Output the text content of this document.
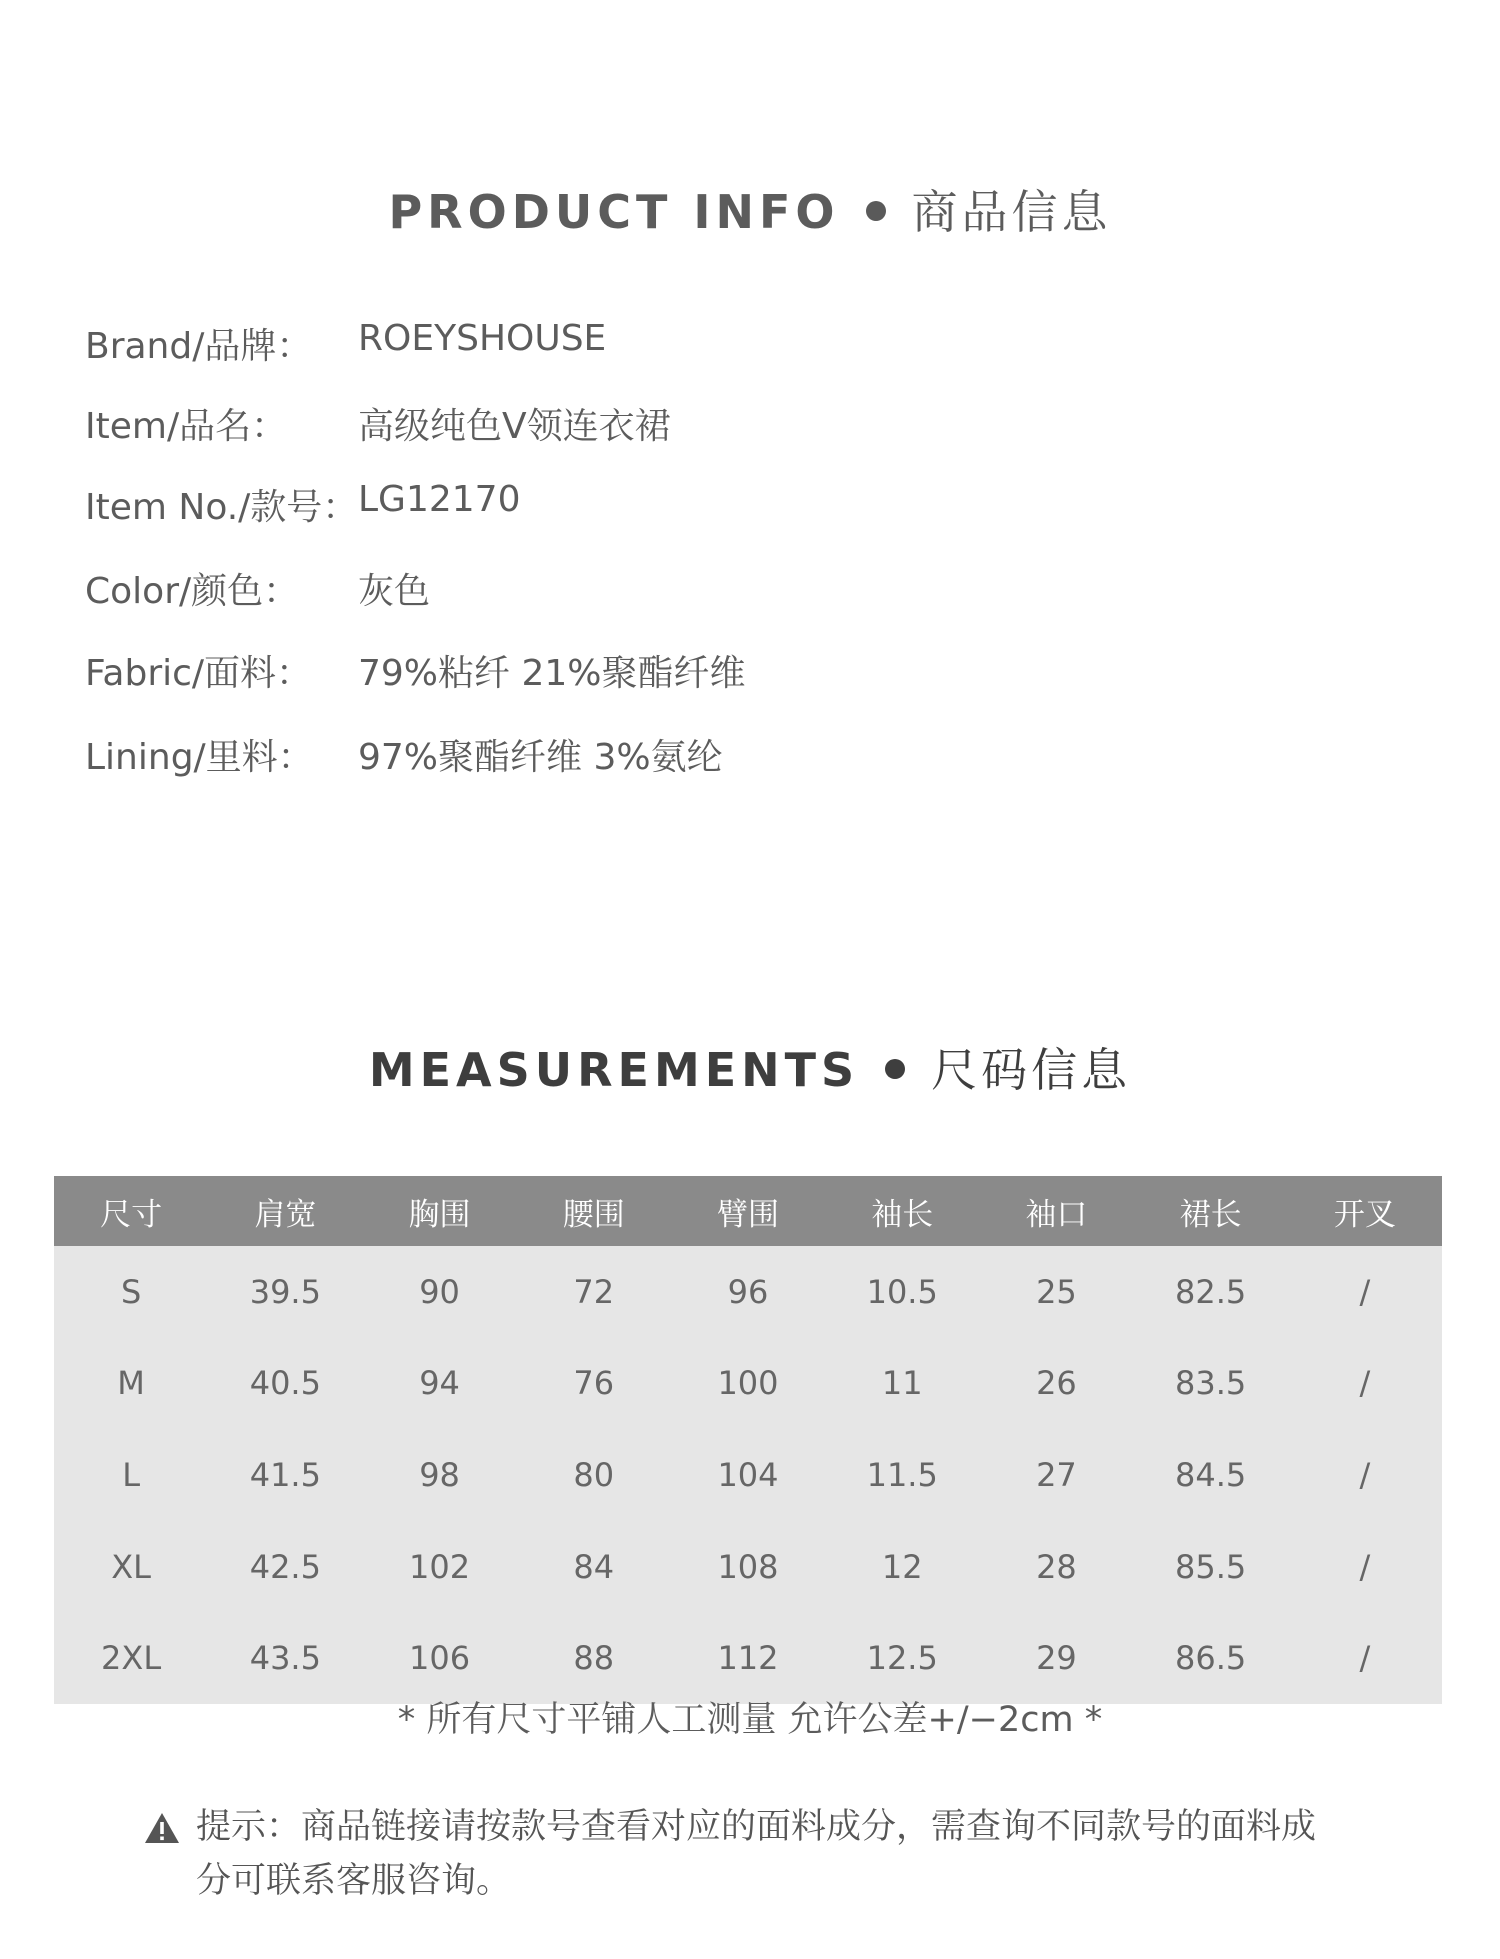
PRODUCT INFO 商品信息
Brand/品牌： ROEYSHOUSE
Item/品名： 高级纯色V领连衣裙
Item No./款号： LG12170
Color/颜色： 灰色
Fabric/面料： 79%粘纤 21%聚酯纤维
Lining/里料： 97%聚酯纤维 3%氨纶
MEASUREMENTS 尺码信息
尺寸	肩宽	胸围	腰围	臂围	袖长	袖口	裙长	开叉
S	39.5	90	72	96	10.5	25	82.5	/
M	40.5	94	76	100	11	26	83.5	/
L	41.5	98	80	104	11.5	27	84.5	/
XL	42.5	102	84	108	12	28	85.5	/
2XL	43.5	106	88	112	12.5	29	86.5	/
* 所有尺寸平铺人工测量 允许公差+/−2cm *

提示：商品链接请按款号查看对应的面料成分，需查询不同款号的面料成分可联系客服咨询。
